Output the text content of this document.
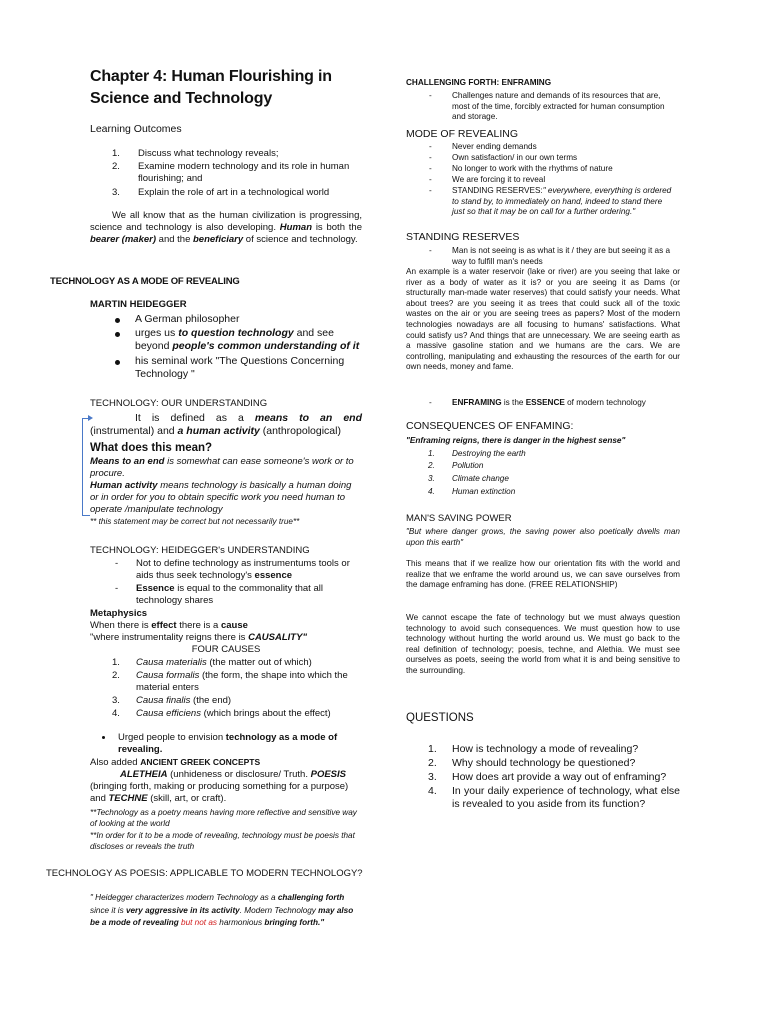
Chapter 4: Human Flourishing in
Science and Technology
Learning Outcomes
1.	Discuss what technology reveals;
2.	Examine modern technology and its role in human flourishing; and
3.	Explain the role of art in a technological world
We all know that as the human civilization is progressing, science and technology is also developing. Human is both the bearer (maker) and the beneficiary of science and technology.
TECHNOLOGY AS A MODE OF REVEALING
MARTIN HEIDEGGER
A German philosopher
urges us to question technology and see beyond people's common understanding of it
his seminal work "The Questions Concerning Technology "
TECHNOLOGY: OUR UNDERSTANDING
It is defined as a means to an end (instrumental) and a human activity (anthropological)
What does this mean?
Means to an end is somewhat can ease someone's work or to procure.
Human activity means technology is basically a human doing or in order for you to obtain specific work you need human to operate /manipulate technology
** this statement may be correct but not necessarily true**
TECHNOLOGY: HEIDEGGER's UNDERSTANDING
- Not to define technology as instrumentums tools or aids thus seek technology's essence
- Essence is equal to the commonality that all technology shares
Metaphysics
When there is effect there is a cause
"where instrumentality reigns there is CAUSALITY"
FOUR CAUSES
1.	Causa materialis (the matter out of which)
2.	Causa formalis (the form, the shape into which the material enters
3.	Causa finalis (the end)
4.	Causa efficiens (which brings about the effect)
Urged people to envision technology as a mode of revealing.
Also added ANCIENT GREEK CONCEPTS
ALETHEIA (unhideness or disclosure/ Truth. POESIS (bringing forth, making or producing something for a purpose) and TECHNE (skill, art, or craft).
**Technology as a poetry means having more reflective and sensitive way of looking at the world
**In order for it to be a mode of revealing, technology must be poesis that discloses or reveals the truth
TECHNOLOGY AS POESIS: APPLICABLE TO MODERN TECHNOLOGY?
" Heidegger characterizes modern Technology as a challenging forth since it is very aggressive in its activity. Modern Technology may also be a mode of revealing but not as harmonious bringing forth."
CHALLENGING FORTH: ENFRAMING
- Challenges nature and demands of its resources that are, most of the time, forcibly extracted for human consumption and storage.
MODE OF REVEALING
- Never ending demands
- Own satisfaction/ in our own terms
- No longer to work with the rhythms of nature
- We are forcing it to reveal
- STANDING RESERVES:" everywhere, everything is ordered to stand by, to immediately on hand, indeed to stand there just so that it may be on call for a further ordering."
STANDING RESERVES
- Man is not seeing is as what is it / they are but seeing it as a way to fulfill man's needs
An example is a water reservoir (lake or river) are you seeing that lake or river as a body of water as it is? or you are seeing it as Dams (or structurally man-made water reserves) that could satisfy your needs. What about trees? are you seeing it as trees that could suck all of the toxic wastes on the air or you are seeing trees as papers? Most of the modern technologies nowadays are all focusing to humans' satisfactions. What could satisfy us? And things that are unnecessary. We are seeing earth as a massive gasoline station and we humans are the cars. We are controlling, manipulating and exhausting the resources of the earth for our own needs, money and fame.
- ENFRAMING is the ESSENCE of modern technology
CONSEQUENCES OF ENFAMING:
"Enframing reigns, there is danger in the highest sense"
1.	Destroying the earth
2.	Pollution
3.	Climate change
4.	Human extinction
MAN'S SAVING POWER
"But where danger grows, the saving power also poetically dwells man upon this earth"
This means that if we realize how our orientation fits with the world and realize that we enframe the world around us, we can save ourselves from the damage enframing has done. (FREE RELATIONSHIP)
We cannot escape the fate of technology but we must always question technology to avoid such consequences. We must question how to use technology without hurting the world around us. We must go back to the real definition of technology; poesis, techne, and Alethia. We must see ourselves as poets, seeing the world from what it is and being sensitive to the surrounding.
QUESTIONS
1.	How is technology a mode of revealing?
2.	Why should technology be questioned?
3.	How does art provide a way out of enframing?
4.	In your daily experience of technology, what else is revealed to you aside from its function?
